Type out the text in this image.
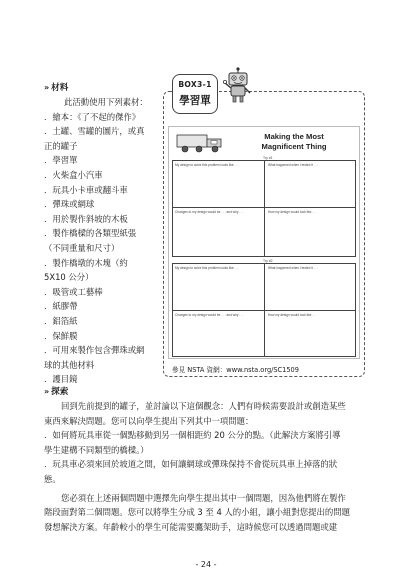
» 材料
此活動使用下列素材：
．繪本：《了不起的傑作》
．土罐、雪罐的圖片，或真
正的罐子
．學習單
．火柴盒小汽車
．玩具小卡車或翻斗車
．彈珠或網球
．用於製作斜坡的木板
．製作橋樑的各類型紙張
（不同重量和尺寸）
．製作橋墩的木塊（約
5X10 公分）
．吸管或工藝棒
．紙膠帶
．鋁箔紙
．保鮮膜
．可用來製作包含彈珠或網
球的其他材料
．護目鏡
BOX3-1
學習單
Making the Most
Magnificent Thing
Try #1
My design to solve this problem looks like . . .	What happened when I tested it . . .
Changes to my design would be . . . and why . . .	How my design would look like . . .
Try #2
My design to solve this problem looks like . . .	What happened when I tested it . . .
Changes to my design would be . . . and why . . .	How my design would look like . . .
參見 NSTA 資網：www.nsta.org/SC1509
» 探索
回到先前提到的罐子，並討論以下這個觀念：人們有時候需要設計或創造某些
東西來解決問題。您可以向學生提出下列其中一項問題：
．如何將玩具車從一個點移動到另一個相距約 20 公分的點。（此解決方案將引導
學生建構不同類型的橋樑。）
．玩具車必須來回於坡道之間，如何讓網球或彈珠保持不會從玩具車上掉落的狀
態。
您必須在上述兩個問題中選擇先向學生提出其中一個問題，因為他們將在製作
階段面對第二個問題。您可以將學生分成 3 至 4 人的小組，讓小組對您提出的問題
發想解決方案。年齡較小的學生可能需要鷹架助手，這時候您可以透過問題或建
- 24 -
